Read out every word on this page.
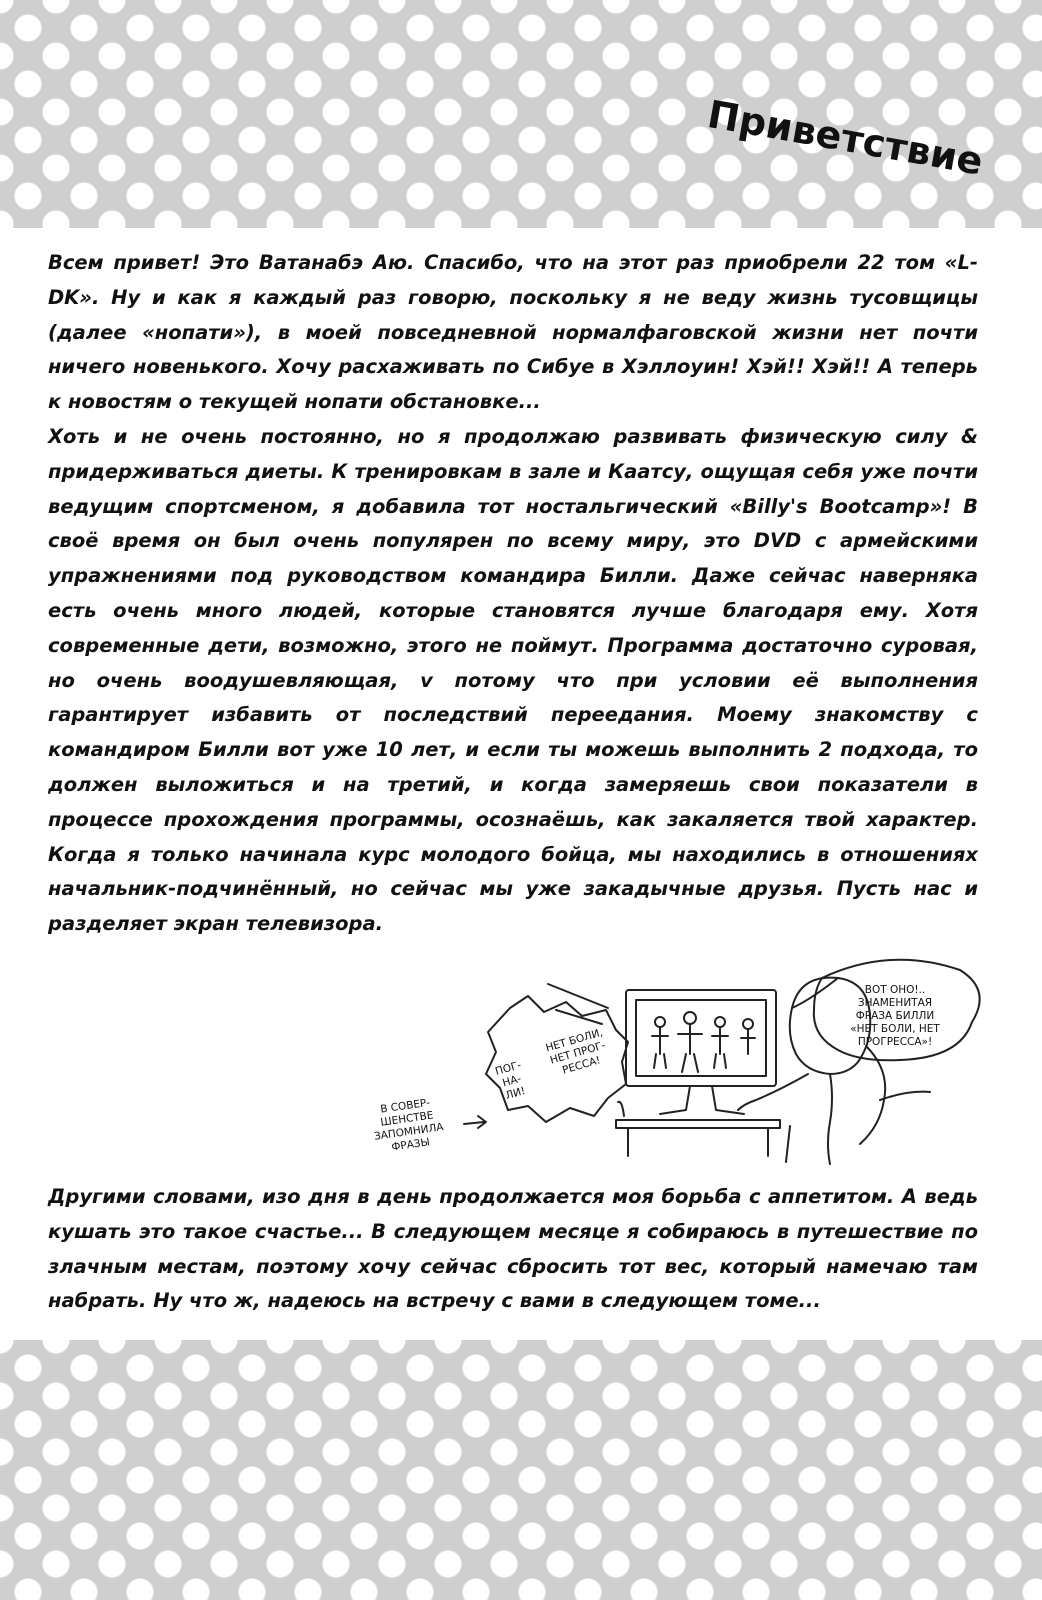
Приветствие

Всем привет! Это Ватанабэ Аю. Спасибо, что на этот раз приобрели 22 том «L-DK». Ну и как я каждый раз говорю, поскольку я не веду жизнь тусовщицы (далее «нопати»), в моей повседневной нормалфаговской жизни нет почти ничего новенького. Хочу расхаживать по Сибуе в Хэллоуин! Хэй!! Хэй!! А теперь к новостям о текущей нопати обстановке...

Хоть и не очень постоянно, но я продолжаю развивать физическую силу & придерживаться диеты. К тренировкам в зале и Каатсу, ощущая себя уже почти ведущим спортсменом, я добавила тот ностальгический «Billy's Bootcamp»! В своё время он был очень популярен по всему миру, это DVD с армейскими упражнениями под руководством командира Билли. Даже сейчас наверняка есть очень много людей, которые становятся лучше благодаря ему. Хотя современные дети, возможно, этого не поймут. Программа достаточно суровая, но очень воодушевляющая, v потому что при условии её выполнения гарантирует избавить от последствий переедания. Моему знакомству с командиром Билли вот уже 10 лет, и если ты можешь выполнить 2 подхода, то должен выложиться и на третий, и когда замеряешь свои показатели в процессе прохождения программы, осознаёшь, как закаляется твой характер. Когда я только начинала курс молодого бойца, мы находились в отношениях начальник-подчинённый, но сейчас мы уже закадычные друзья. Пусть нас и разделяет экран телевизора.

ВОТ ОНО!..
ЗНАМЕНИТАЯ
ФРАЗА БИЛЛИ
«НЕТ БОЛИ, НЕТ
ПРОГРЕССА»!
НЕТ БОЛИ,
НЕТ ПРОГ-
РЕССА!
ПОГ-
НА-
ЛИ!
В СОВЕР-
ШЕНСТВЕ
ЗАПОМНИЛА
ФРАЗЫ

Другими словами, изо дня в день продолжается моя борьба с аппетитом. А ведь кушать это такое счастье... В следующем месяце я собираюсь в путешествие по злачным местам, поэтому хочу сейчас сбросить тот вес, который намечаю там набрать. Ну что ж, надеюсь на встречу с вами в следующем томе...
